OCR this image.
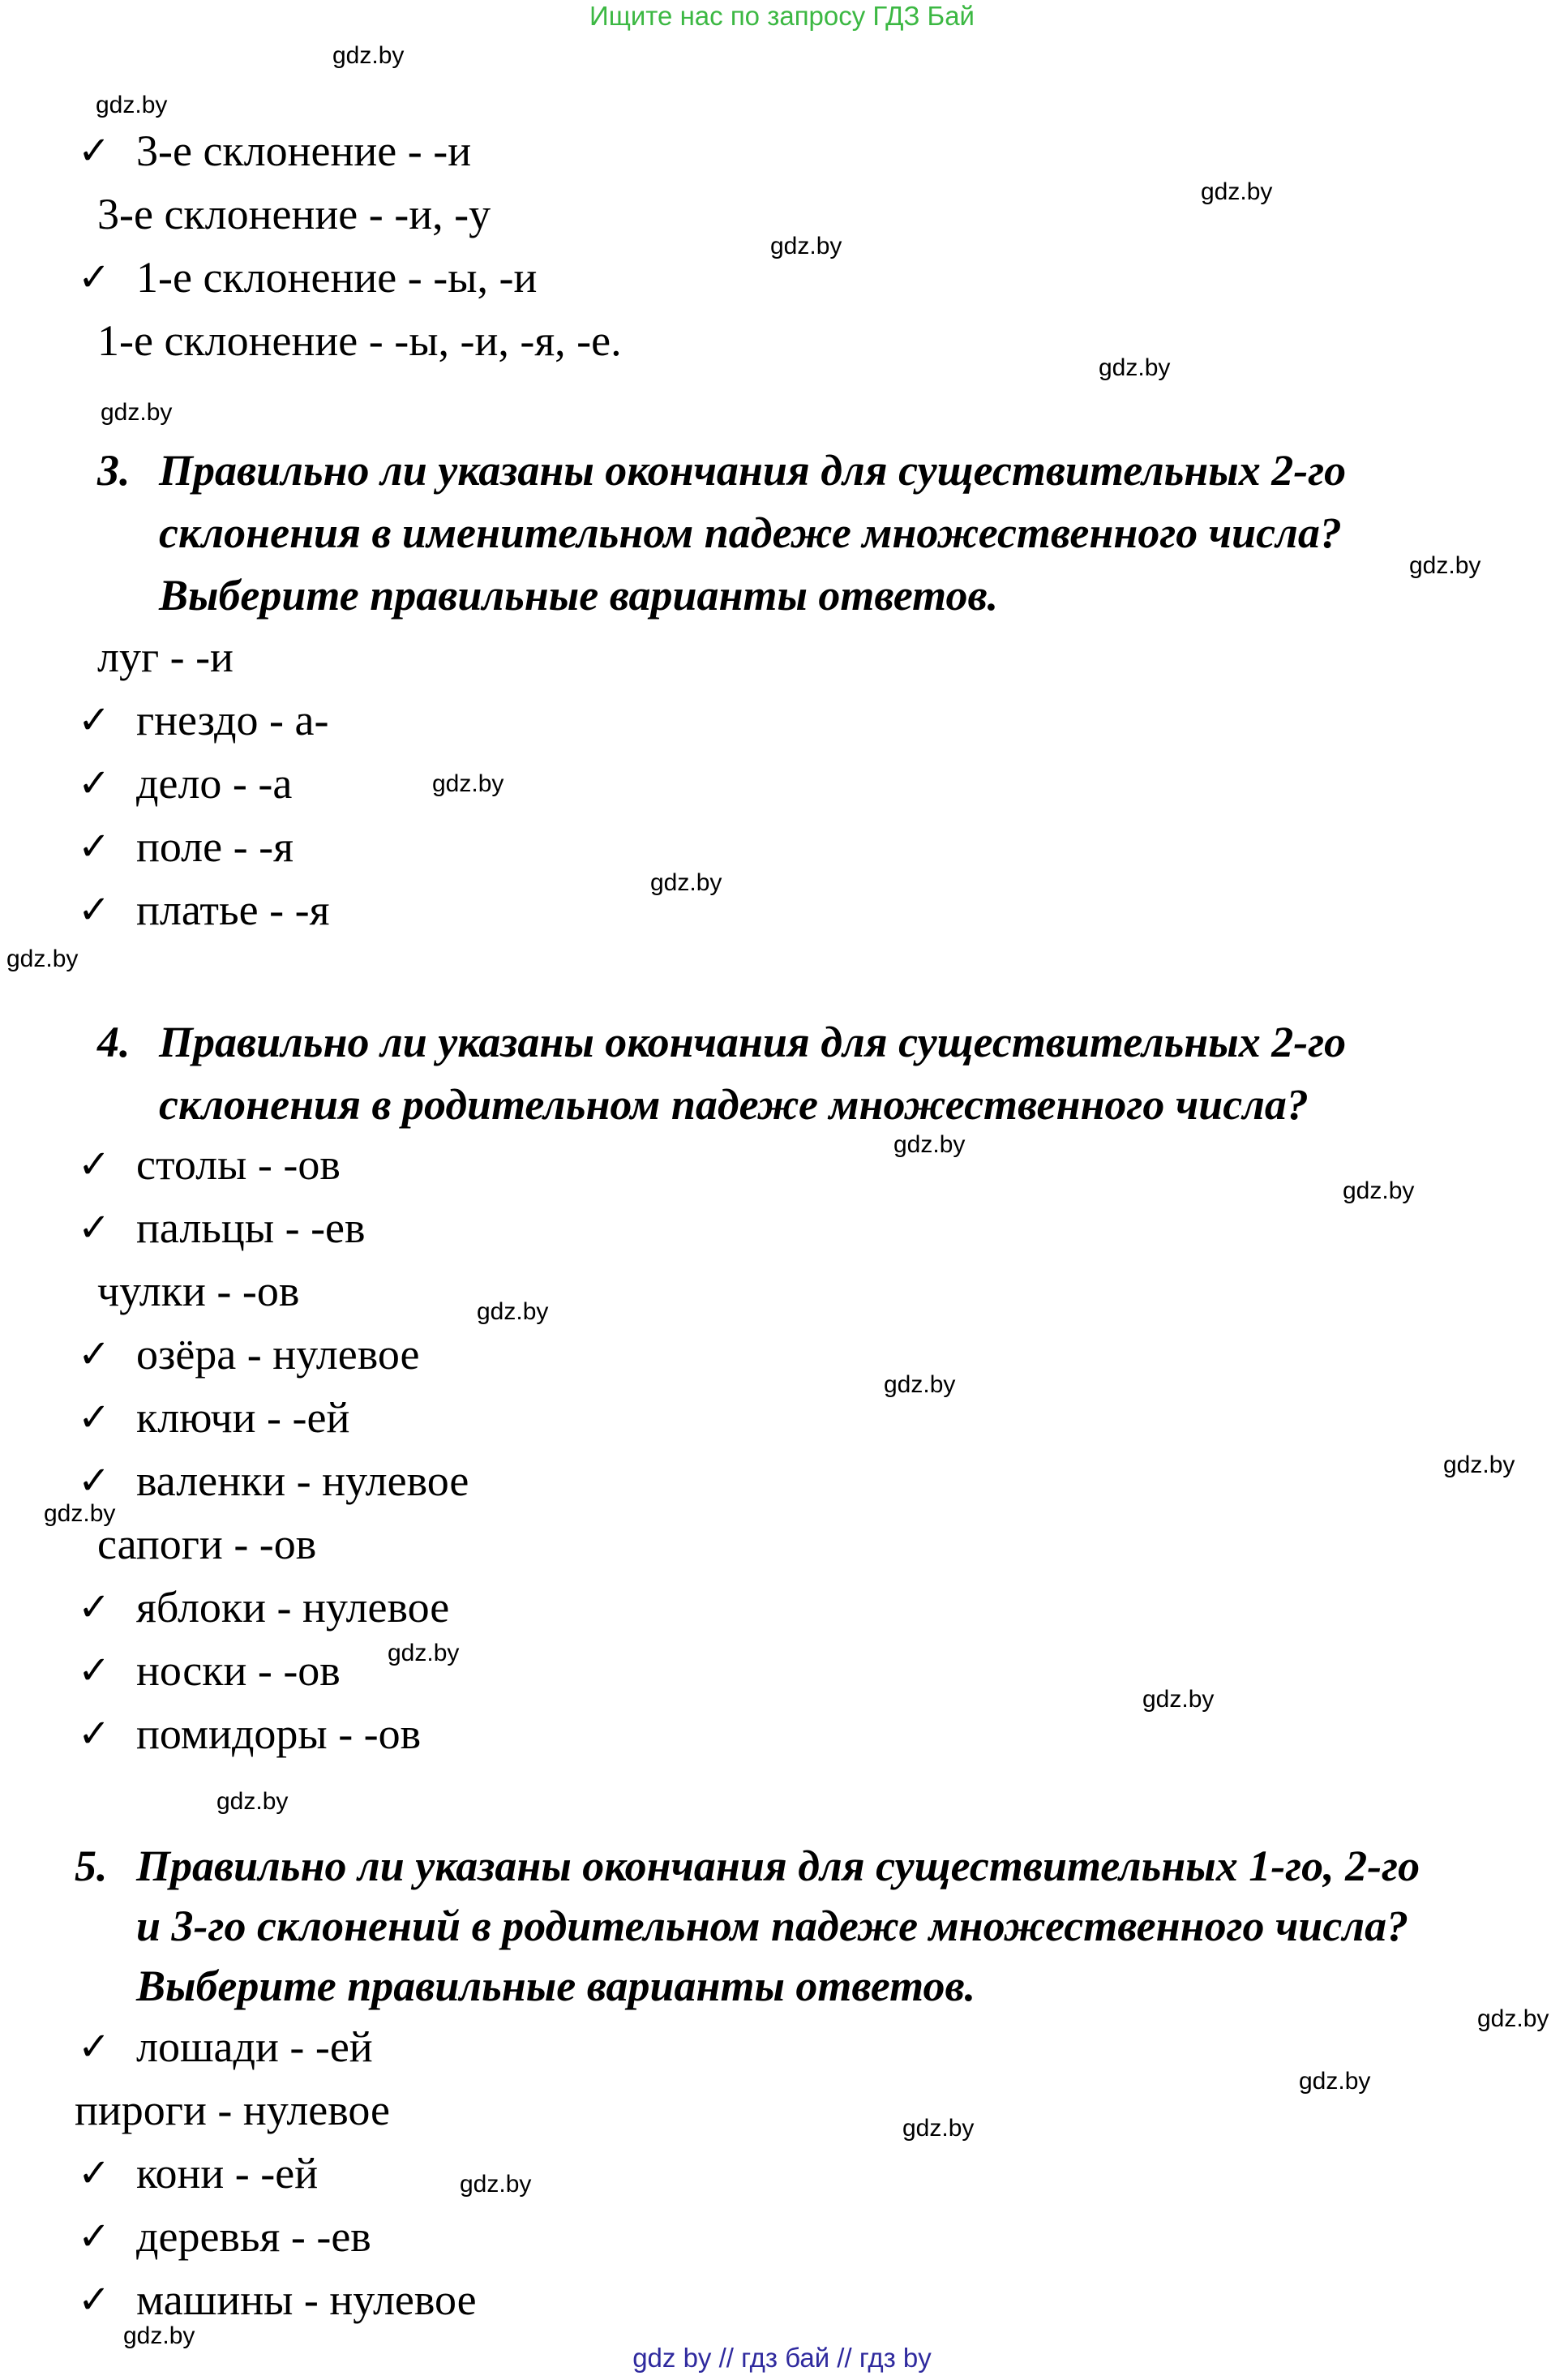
Ищите нас по запросу ГДЗ Бай
gdz.by
gdz.by
gdz.by
gdz.by
gdz.by
gdz.by
gdz.by
gdz.by
gdz.by
gdz.by
gdz.by
gdz.by
gdz.by
gdz.by
gdz.by
gdz.by
gdz.by
gdz.by
gdz.by
gdz.by
gdz.by
gdz.by
gdz.by
gdz.by
✓ 3-е склонение - -и
3-е склонение - -и, -у
✓ 1-е склонение - -ы, -и
1-е склонение - -ы, -и, -я, -е.
3. Правильно ли указаны окончания для существительных 2-го
склонения в именительном падеже множественного числа?
Выберите правильные варианты ответов.
луг - -и
✓ гнездо - а-
✓ дело - -а
✓ поле - -я
✓ платье - -я
4. Правильно ли указаны окончания для существительных 2-го
склонения в родительном падеже множественного числа?
✓ столы - -ов
✓ пальцы - -ев
чулки - -ов
✓ озёра - нулевое
✓ ключи - -ей
✓ валенки - нулевое
сапоги - -ов
✓ яблоки - нулевое
✓ носки - -ов
✓ помидоры - -ов
5. Правильно ли указаны окончания для существительных 1-го, 2-го
и 3-го склонений в родительном падеже множественного числа?
Выберите правильные варианты ответов.
✓ лошади - -ей
пироги - нулевое
✓ кони - -ей
✓ деревья - -ев
✓ машины - нулевое
gdz by // гдз бай // гдз by
